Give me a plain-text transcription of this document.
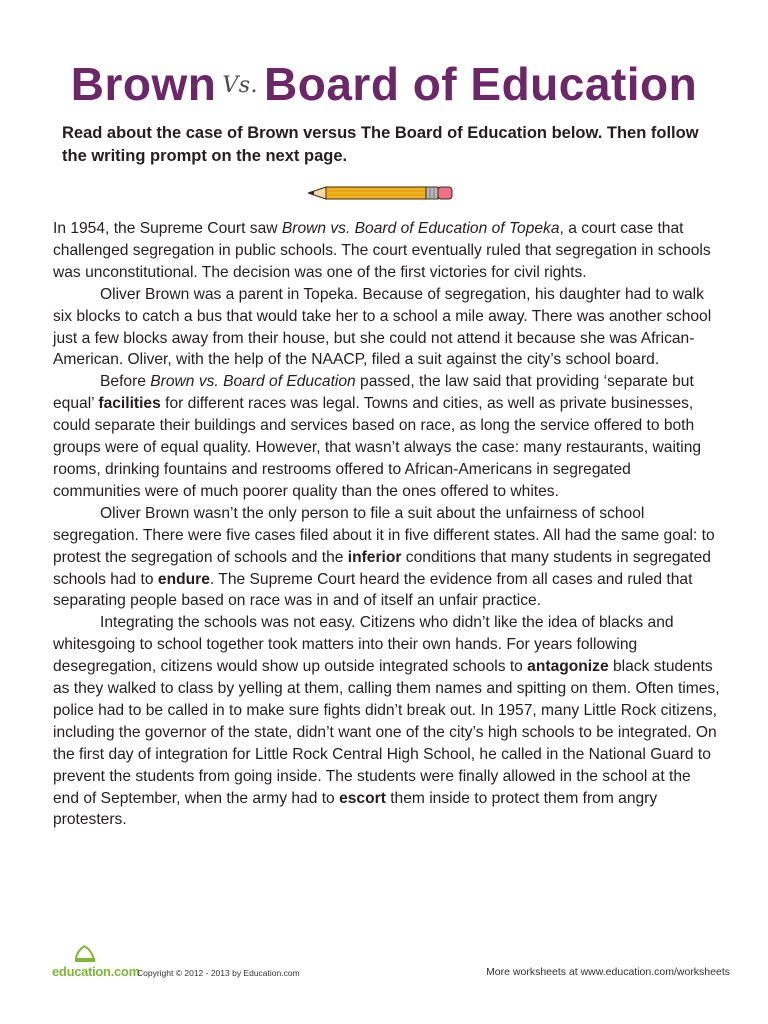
Brown Vs. Board of Education
Read about the case of Brown versus The Board of Education below. Then follow the writing prompt on the next page.

In 1954, the Supreme Court saw Brown vs. Board of Education of Topeka, a court case that challenged segregation in public schools. The court eventually ruled that segregation in schools was unconstitutional. The decision was one of the first victories for civil rights.

Oliver Brown was a parent in Topeka. Because of segregation, his daughter had to walk six blocks to catch a bus that would take her to a school a mile away. There was another school just a few blocks away from their house, but she could not attend it because she was African-American. Oliver, with the help of the NAACP, filed a suit against the city’s school board.

Before Brown vs. Board of Education passed, the law said that providing ‘separate but equal’ facilities for different races was legal. Towns and cities, as well as private businesses, could separate their buildings and services based on race, as long the service offered to both groups were of equal quality. However, that wasn’t always the case: many restaurants, waiting rooms, drinking fountains and restrooms offered to African-Americans in segregated communities were of much poorer quality than the ones offered to whites.

Oliver Brown wasn’t the only person to file a suit about the unfairness of school segregation. There were five cases filed about it in five different states. All had the same goal: to protest the segregation of schools and the inferior conditions that many students in segregated schools had to endure. The Supreme Court heard the evidence from all cases and ruled that separating people based on race was in and of itself an unfair practice.

Integrating the schools was not easy. Citizens who didn’t like the idea of blacks and whitesgoing to school together took matters into their own hands. For years following desegregation, citizens would show up outside integrated schools to antagonize black students as they walked to class by yelling at them, calling them names and spitting on them. Often times, police had to be called in to make sure fights didn’t break out. In 1957, many Little Rock citizens, including the governor of the state, didn’t want one of the city’s high schools to be integrated. On the first day of integration for Little Rock Central High School, he called in the National Guard to prevent the students from going inside. The students were finally allowed in the school at the end of September, when the army had to escort them inside to protect them from angry protesters.

education.com
Copyright © 2012 - 2013 by Education.com	More worksheets at www.education.com/worksheets
